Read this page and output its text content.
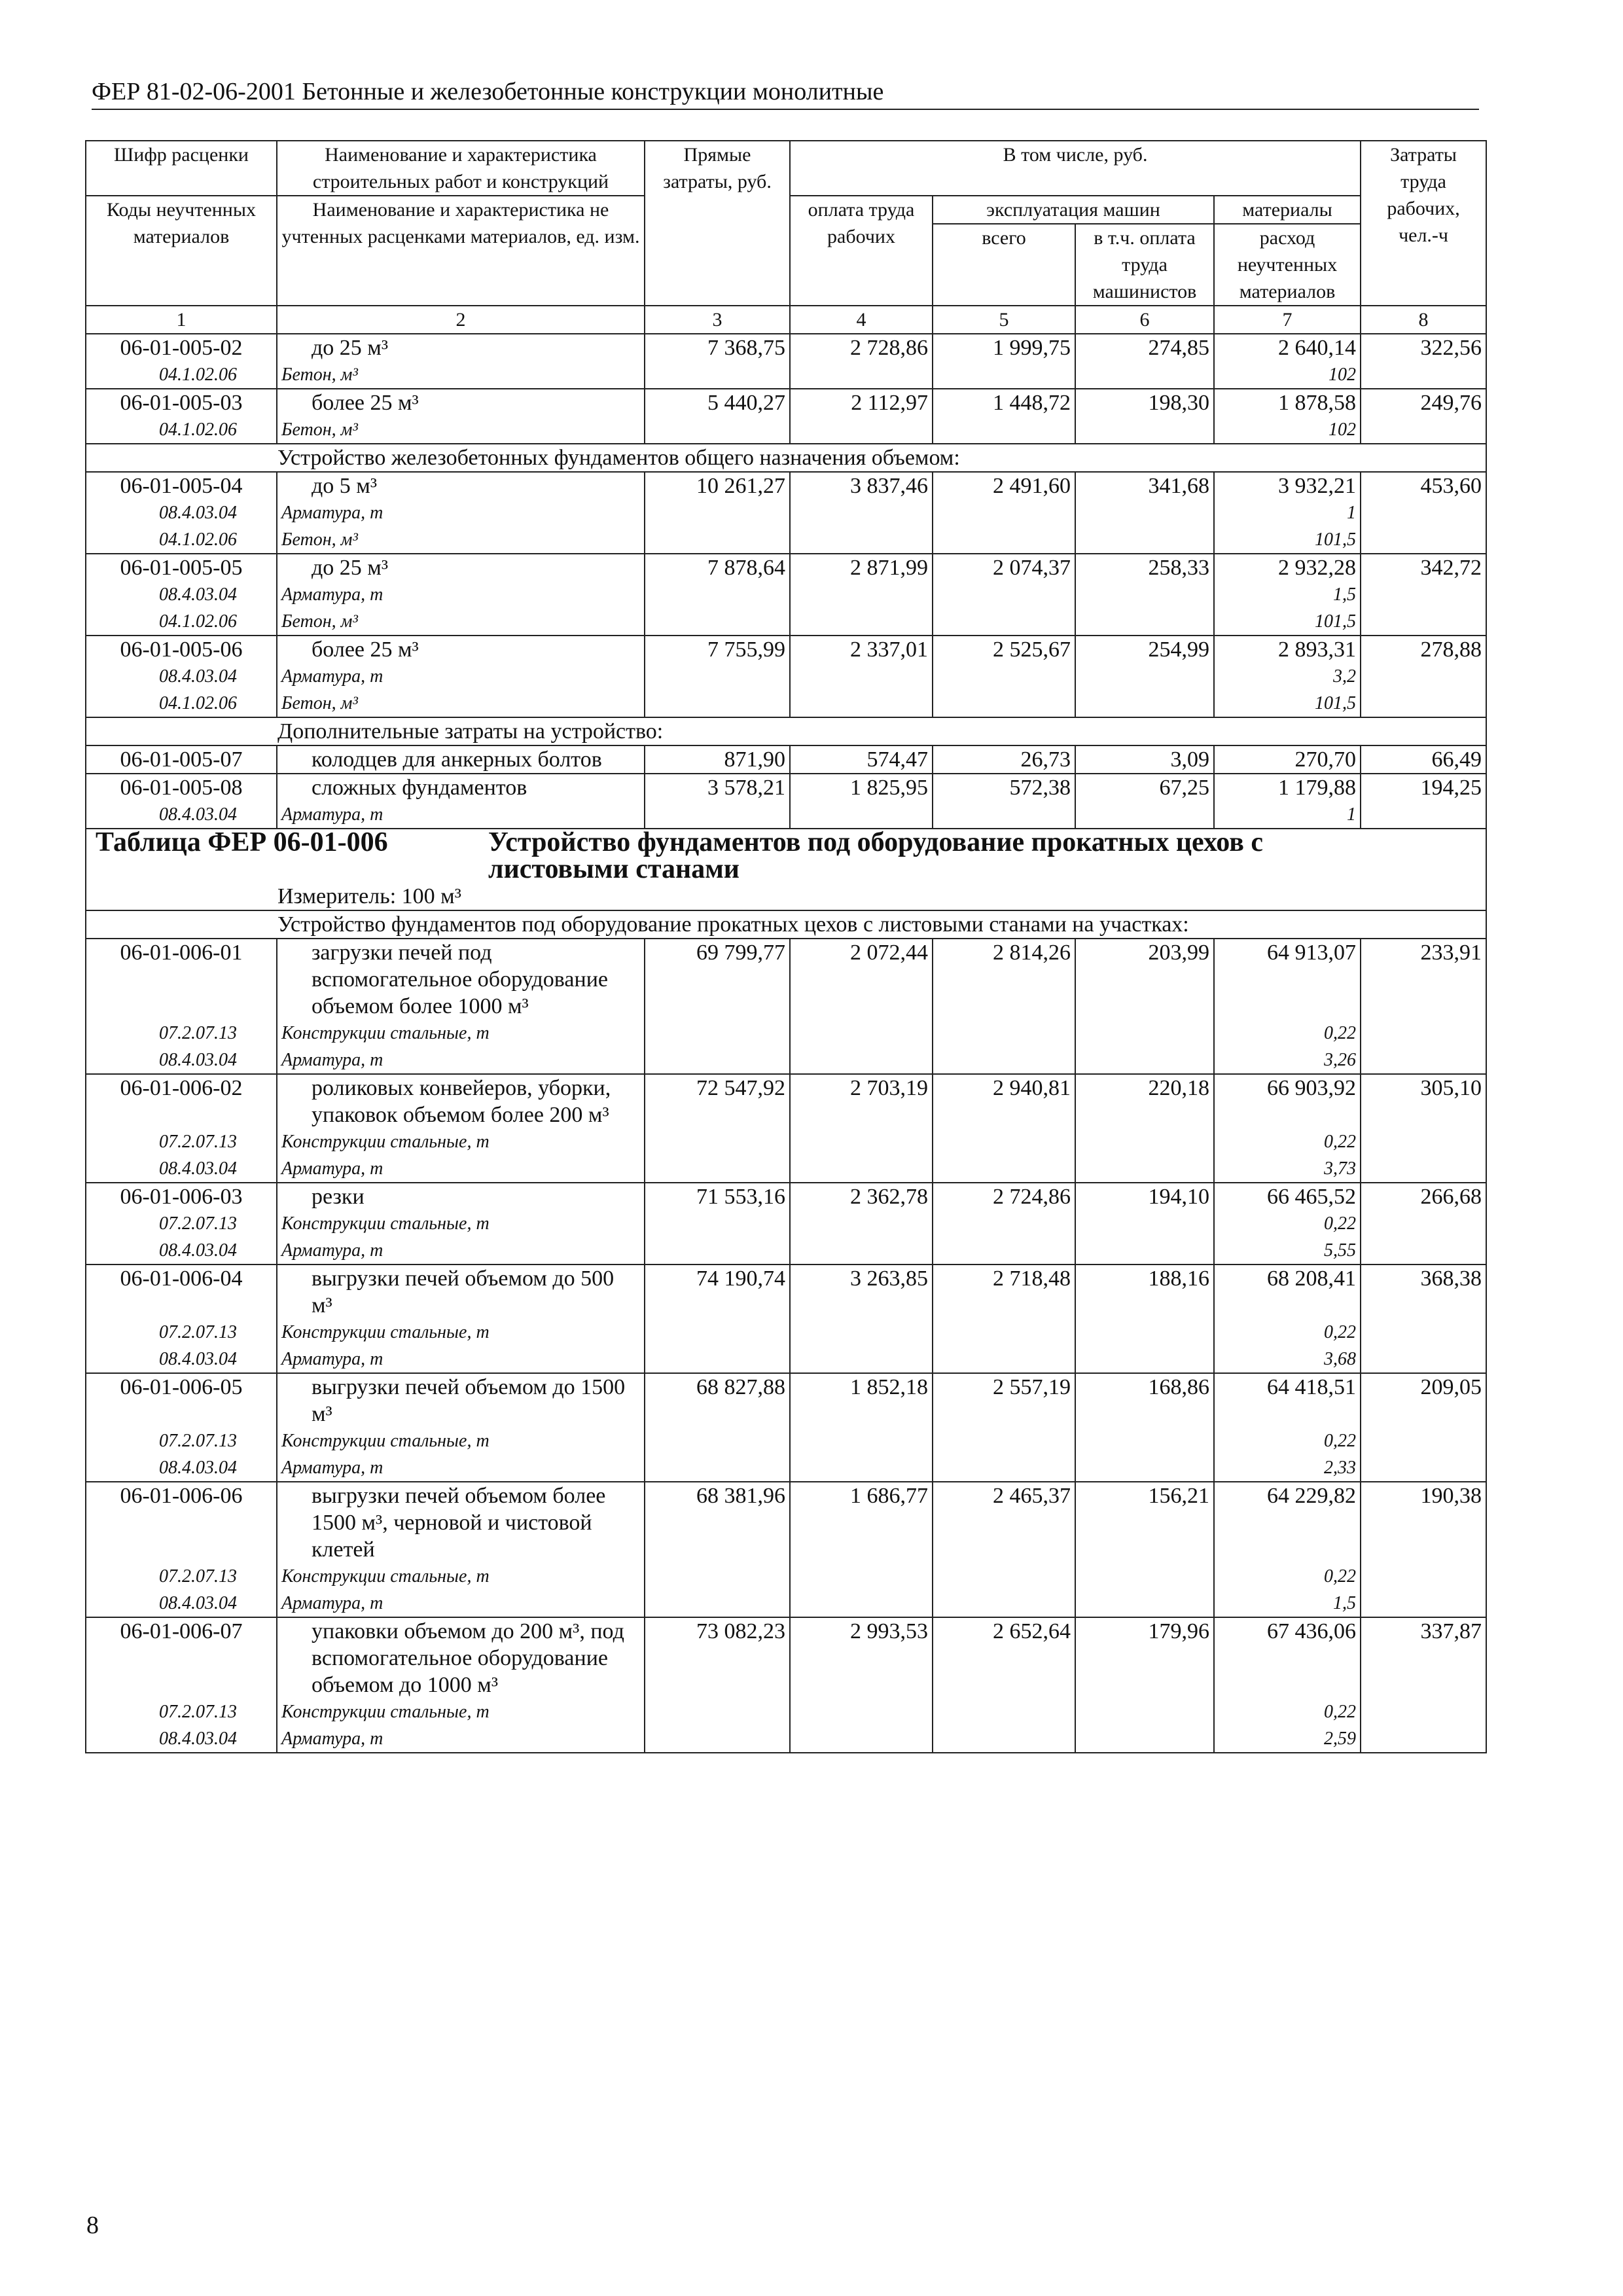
ФЕР 81-02-06-2001 Бетонные и железобетонные конструкции монолитные
Шифр расценки	Наименование и характеристика строительных работ и конструкций	Прямые затраты, руб.	В том числе, руб.				Затраты труда рабочих, чел.-ч
Коды неучтенных материалов	Наименование и характеристика не учтенных расценками материалов, ед. изм.		оплата труда рабочих	эксплуатация машин		материалы	
				всего	в т.ч. оплата труда машинистов	расход неучтенных материалов	
1	2	3	4	5	6	7	8
06-01-005-02	до 25 м³	7 368,75	2 728,86	1 999,75	274,85	2 640,14	322,56
04.1.02.06	Бетон, м³					102	
06-01-005-03	более 25 м³	5 440,27	2 112,97	1 448,72	198,30	1 878,58	249,76
04.1.02.06	Бетон, м³					102	
Устройство железобетонных фундаментов общего назначения объемом:							
06-01-005-04	до 5 м³	10 261,27	3 837,46	2 491,60	341,68	3 932,21	453,60
08.4.03.04	Арматура, т					1	
04.1.02.06	Бетон, м³					101,5	
06-01-005-05	до 25 м³	7 878,64	2 871,99	2 074,37	258,33	2 932,28	342,72
08.4.03.04	Арматура, т					1,5	
04.1.02.06	Бетон, м³					101,5	
06-01-005-06	более 25 м³	7 755,99	2 337,01	2 525,67	254,99	2 893,31	278,88
08.4.03.04	Арматура, т					3,2	
04.1.02.06	Бетон, м³					101,5	
Дополнительные затраты на устройство:							
06-01-005-07	колодцев для анкерных болтов	871,90	574,47	26,73	3,09	270,70	66,49
06-01-005-08	сложных фундаментов	3 578,21	1 825,95	572,38	67,25	1 179,88	194,25
08.4.03.04	Арматура, т					1	
Таблица ФЕР 06-01-006 Устройство фундаментов под оборудование прокатных цехов с листовыми станами							
Измеритель: 100 м³							
Устройство фундаментов под оборудование прокатных цехов с листовыми станами на участках:							
06-01-006-01	загрузки печей под вспомогательное оборудование объемом более 1000 м³	69 799,77	2 072,44	2 814,26	203,99	64 913,07	233,91
07.2.07.13	Конструкции стальные, т					0,22	
08.4.03.04	Арматура, т					3,26	
06-01-006-02	роликовых конвейеров, уборки, упаковок объемом более 200 м³	72 547,92	2 703,19	2 940,81	220,18	66 903,92	305,10
07.2.07.13	Конструкции стальные, т					0,22	
08.4.03.04	Арматура, т					3,73	
06-01-006-03	резки	71 553,16	2 362,78	2 724,86	194,10	66 465,52	266,68
07.2.07.13	Конструкции стальные, т					0,22	
08.4.03.04	Арматура, т					5,55	
06-01-006-04	выгрузки печей объемом до 500 м³	74 190,74	3 263,85	2 718,48	188,16	68 208,41	368,38
07.2.07.13	Конструкции стальные, т					0,22	
08.4.03.04	Арматура, т					3,68	
06-01-006-05	выгрузки печей объемом до 1500 м³	68 827,88	1 852,18	2 557,19	168,86	64 418,51	209,05
07.2.07.13	Конструкции стальные, т					0,22	
08.4.03.04	Арматура, т					2,33	
06-01-006-06	выгрузки печей объемом более 1500 м³, черновой и чистовой клетей	68 381,96	1 686,77	2 465,37	156,21	64 229,82	190,38
07.2.07.13	Конструкции стальные, т					0,22	
08.4.03.04	Арматура, т					1,5	
06-01-006-07	упаковки объемом до 200 м³, под вспомогательное оборудование объемом до 1000 м³	73 082,23	2 993,53	2 652,64	179,96	67 436,06	337,87
07.2.07.13	Конструкции стальные, т					0,22	
08.4.03.04	Арматура, т					2,59	
8
